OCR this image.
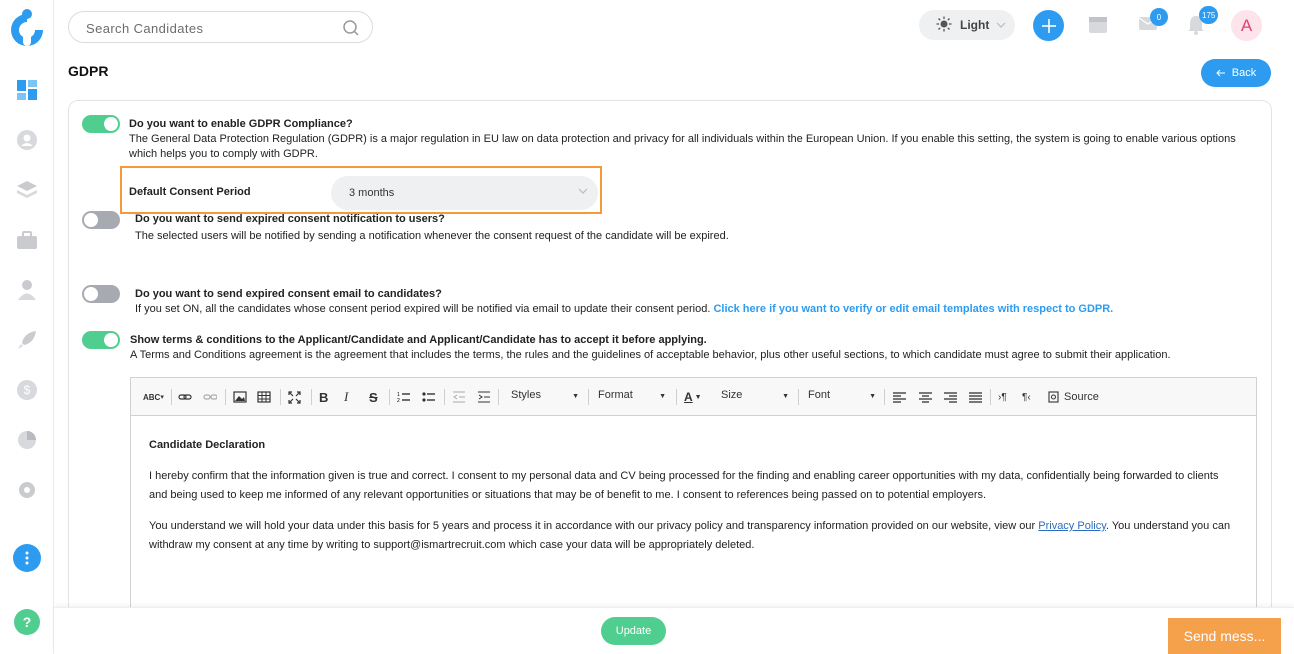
$
?
Search Candidates
Light
0	175
A
GDPR	Back
Do you want to enable GDPR Compliance?
The General Data Protection Regulation (GDPR) is a major regulation in EU law on data protection and privacy for all individuals within the European Union. If you enable this setting, the system is going to enable various options which helps you to comply with GDPR.
Default Consent Period	3 months
Do you want to send expired consent notification to users?
The selected users will be notified by sending a notification whenever the consent request of the candidate will be expired.
Do you want to send expired consent email to candidates?
If you set ON, all the candidates whose consent period expired will be notified via email to update their consent period. Click here if you want to verify or edit email templates with respect to GDPR.
Show terms & conditions to the Applicant/Candidate and Applicant/Candidate has to accept it before applying.
A Terms and Conditions agreement is the agreement that includes the terms, the rules and the guidelines of acceptable behavior, plus other useful sections, to which candidate must agree to submit their application.
ABC ▾	B I S	1
2	Styles	▼ Format	▼ A ▼ Size	▼ Font	▼	›¶ ¶‹	Source
Candidate Declaration

I hereby confirm that the information given is true and correct. I consent to my personal data and CV being processed for the finding and enabling career opportunities with my data, confidentially being forwarded to clients and being used to keep me informed of any relevant opportunities or situations that may be of benefit to me. I consent to references being passed on to potential employers.

You understand we will hold your data under this basis for 5 years and process it in accordance with our privacy policy and transparency information provided on our website, view our Privacy Policy. You understand you can withdraw my consent at any time by writing to support@ismartrecruit.com which case your data will be appropriately deleted.

Update	Send mess...
